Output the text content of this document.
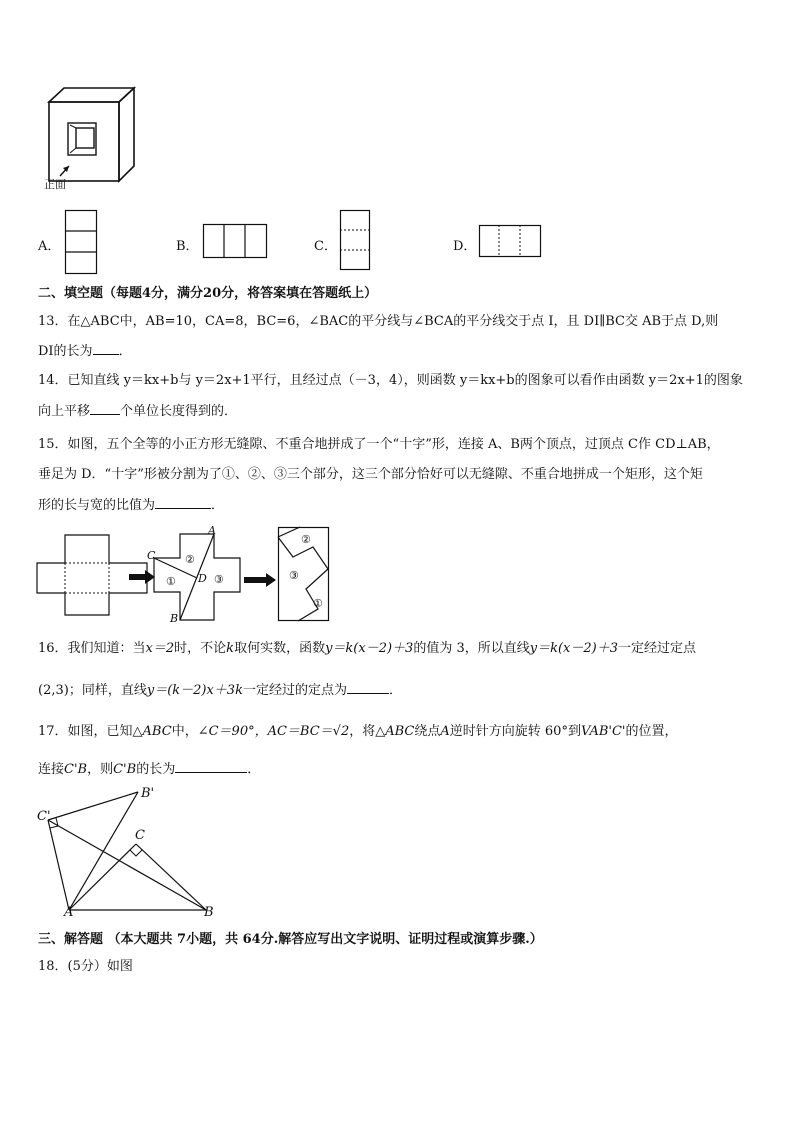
正面
A．	B．	C．	D．
二、填空题（每题4分，满分20分，将答案填在答题纸上）
13．在△ABC中，AB=10，CA=8，BC=6，∠BAC的平分线与∠BCA的平分线交于点 I，且 DI∥BC交 AB于点 D,则
DI的长为 ．
14．已知直线 y＝kx+b与 y＝2x+1平行，且经过点（－3，4），则函数 y＝kx+b的图象可以看作由函数 y＝2x+1的图象
向上平移 个单位长度得到的．
15．如图，五个全等的小正方形无缝隙、不重合地拼成了一个“十字”形，连接 A、B两个顶点，过顶点 C作 CD⊥AB，
垂足为 D．“十字”形被分割为了①、②、③三个部分，这三个部分恰好可以无缝隙、不重合地拼成一个矩形，这个矩
形的长与宽的比值为	．
A
C
D
B
②
①	③
②
③
①
16．我们知道：当x＝2时，不论k取何实数，函数y＝k(x－2)＋3的值为 3，所以直线y＝k(x－2)＋3一定经过定点
(2,3)；同样，直线y＝(k－2)x＋3k一定经过的定点为	．
17．如图，已知△ABC中，∠C＝90°，AC＝BC＝√2，将△ABC绕点A逆时针方向旋转 60°到VAB'C'的位置，
连接C'B，则C'B的长为	．
C'
B'
C
A	B
三、解答题 （本大题共 7小题，共 64分.解答应写出文字说明、证明过程或演算步骤.）
18．(5分）如图
